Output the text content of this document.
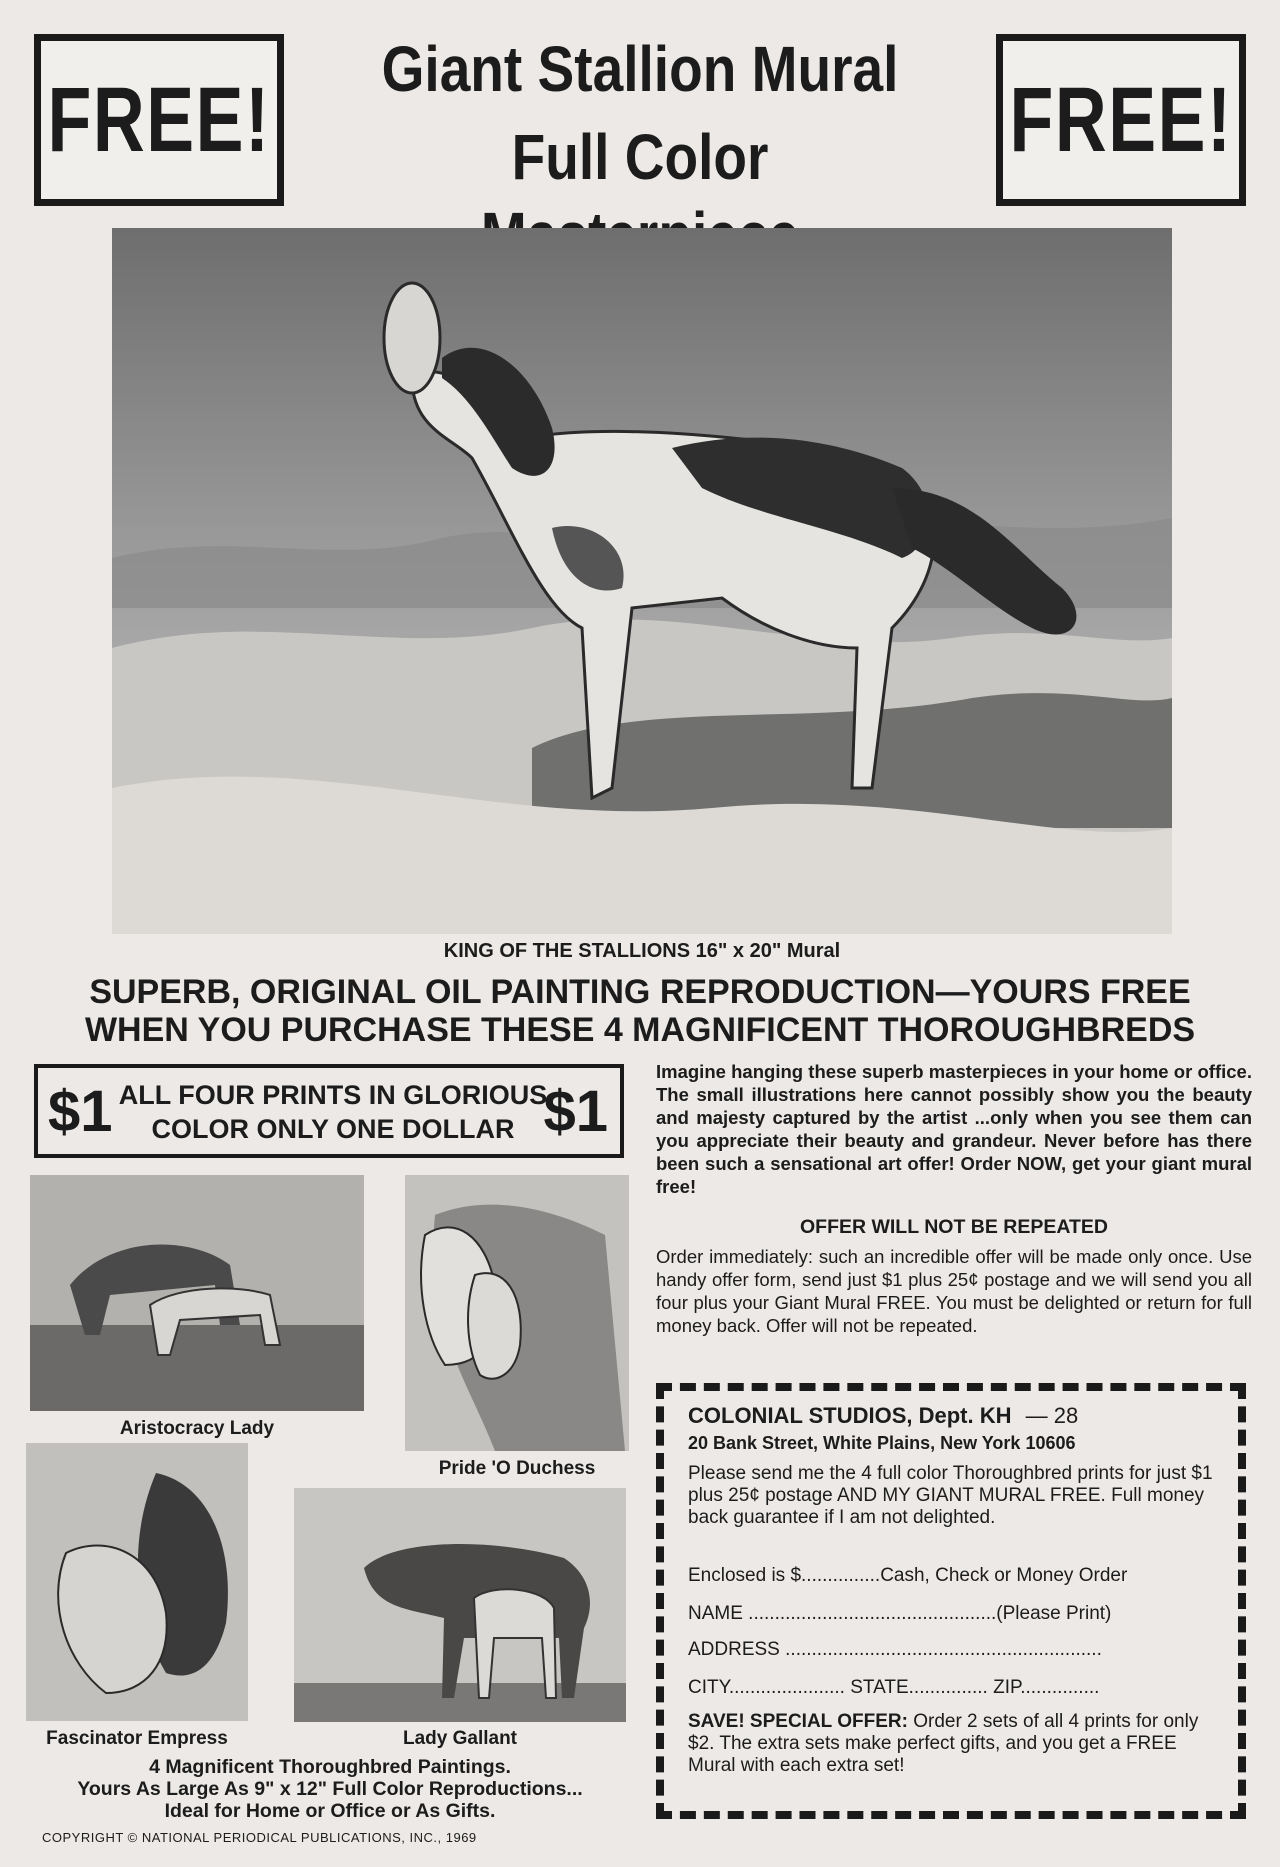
FREE!	FREE!
Giant Stallion Mural
Full Color
KING OF THE STALLIONS 16" x 20" Mural
SUPERB, ORIGINAL OIL PAINTING REPRODUCTION—YOURS FREE
WHEN YOU PURCHASE THESE 4 MAGNIFICENT THOROUGHBREDS
$1 ALL FOUR PRINTS IN GLORIOUS
COLOR ONLY ONE DOLLAR $1
Aristocracy Lady
Pride 'O Duchess
Fascinator Empress	Lady Gallant
4 Magnificent Thoroughbred Paintings.
Yours As Large As 9" x 12" Full Color Reproductions...
Ideal for Home or Office or As Gifts.
COPYRIGHT © NATIONAL PERIODICAL PUBLICATIONS, INC., 1969
Imagine hanging these superb masterpieces in your home or office. The small illustrations here cannot possibly show you the beauty and majesty captured by the artist ...only when you see them can you appreciate their beauty and grandeur. Never before has there been such a sensational art offer! Order NOW, get your giant mural free!
OFFER WILL NOT BE REPEATED
Order immediately: such an incredible offer will be made only once. Use handy offer form, send just $1 plus 25¢ postage and we will send you all four plus your Giant Mural FREE. You must be delighted or return for full money back. Offer will not be repeated.
COLONIAL STUDIOS, Dept. KH — 28
20 Bank Street, White Plains, New York 10606
Please send me the 4 full color Thoroughbred prints for just $1 plus 25¢ postage AND MY GIANT MURAL FREE. Full money back guarantee if I am not delighted.
Enclosed is $...............Cash, Check or Money Order
NAME ...............................................(Please Print)
ADDRESS ............................................................
CITY...................... STATE............... ZIP...............
SAVE! SPECIAL OFFER: Order 2 sets of all 4 prints for only $2. The extra sets make perfect gifts, and you get a FREE Mural with each extra set!
